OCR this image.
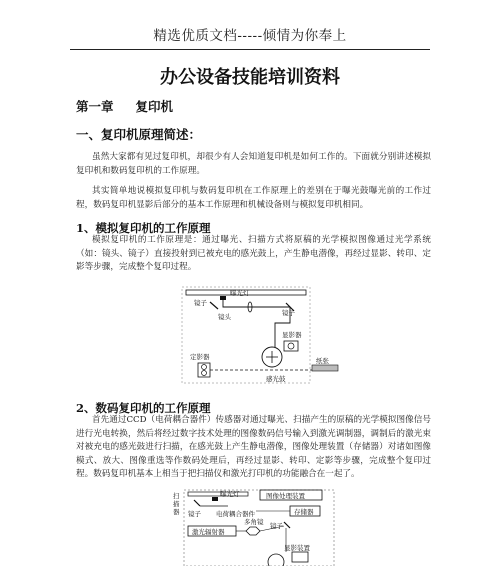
精选优质文档-----倾情为你奉上
办公设备技能培训资料
第一章 复印机
一、复印机原理简述：
虽然大家都有见过复印机，却很少有人会知道复印机是如何工作的。下面就分别讲述模拟复印机和数码复印机的工作原理。
其实简单地说模拟复印机与数码复印机在工作原理上的差别在于曝光鼓曝光前的工作过程，数码复印机显影后部分的基本工作原理和机械设备则与模拟复印机相同。
1、模拟复印机的工作原理
模拟复印机的工作原理是：通过曝光、扫描方式将原稿的光学模拟图像通过光学系统（如：镜头、镜子）直接投射到已被充电的感光鼓上，产生静电潜像，再经过显影、转印、定影等步骤，完成整个复印过程。
曝光灯
镜子
镜头	镜子
感光鼓
显影器
定影器	纸张
2、数码复印机的工作原理
首先通过CCD（电荷耦合器件）传感器对通过曝光、扫描产生的原稿的光学模拟图像信号进行光电转换，然后将经过数字技术处理的图像数码信号输入到激光调制器，调制后的激光束对被充电的感光鼓进行扫描，在感光鼓上产生静电潜像，图像处理装置（存储器）对诸如图像模式、放大、图像重选等作数码处理后，再经过显影、转印、定影等步骤，完成整个复印过程。数码复印机基本上相当于把扫描仪和激光打印机的功能融合在一起了。
扫
描
器
曝光灯	图像处理装置
镜子 电荷耦合器件	存储器
镜子
激光辐射器
多角镜
显影装置
